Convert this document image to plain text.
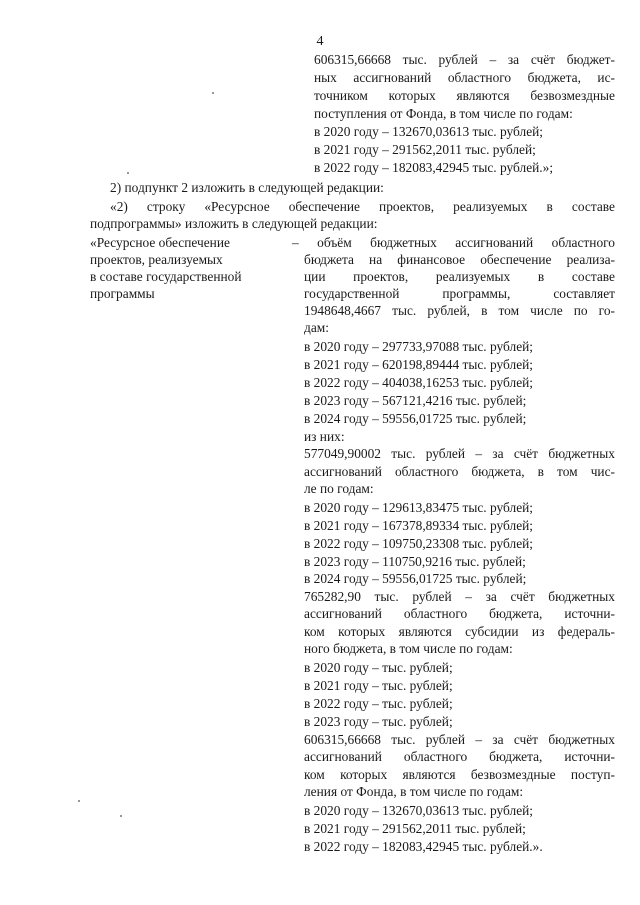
4
606315,66668 тыс. рублей – за счёт бюджет-
ных ассигнований областного бюджета, ис-
точником которых являются безвозмездные
поступления от Фонда, в том числе по годам:
в 2020 году – 132670,03613 тыс. рублей;
в 2021 году – 291562,2011 тыс. рублей;
в 2022 году – 182083,42945 тыс. рублей.»;
2) подпункт 2 изложить в следующей редакции:
«2) строку «Ресурсное обеспечение проектов, реализуемых в составе
подпрограммы» изложить в следующей редакции:
«Ресурсное обеспечение
проектов, реализуемых
в составе государственной
программы
– объём бюджетных ассигнований областного
бюджета на финансовое обеспечение реализа-
ции проектов, реализуемых в составе
государственной программы, составляет
1948648,4667 тыс. рублей, в том числе по го-
дам:
в 2020 году – 297733,97088 тыс. рублей;
в 2021 году – 620198,89444 тыс. рублей;
в 2022 году – 404038,16253 тыс. рублей;
в 2023 году – 567121,4216 тыс. рублей;
в 2024 году – 59556,01725 тыс. рублей;
из них:
577049,90002 тыс. рублей – за счёт бюджетных
ассигнований областного бюджета, в том чис-
ле по годам:
в 2020 году – 129613,83475 тыс. рублей;
в 2021 году – 167378,89334 тыс. рублей;
в 2022 году – 109750,23308 тыс. рублей;
в 2023 году – 110750,9216 тыс. рублей;
в 2024 году – 59556,01725 тыс. рублей;
765282,90 тыс. рублей – за счёт бюджетных
ассигнований областного бюджета, источни-
ком которых являются субсидии из федераль-
ного бюджета, в том числе по годам:
в 2020 году – тыс. рублей;
в 2021 году – тыс. рублей;
в 2022 году – тыс. рублей;
в 2023 году – тыс. рублей;
606315,66668 тыс. рублей – за счёт бюджетных
ассигнований областного бюджета, источни-
ком которых являются безвозмездные поступ-
ления от Фонда, в том числе по годам:
в 2020 году – 132670,03613 тыс. рублей;
в 2021 году – 291562,2011 тыс. рублей;
в 2022 году – 182083,42945 тыс. рублей.».
